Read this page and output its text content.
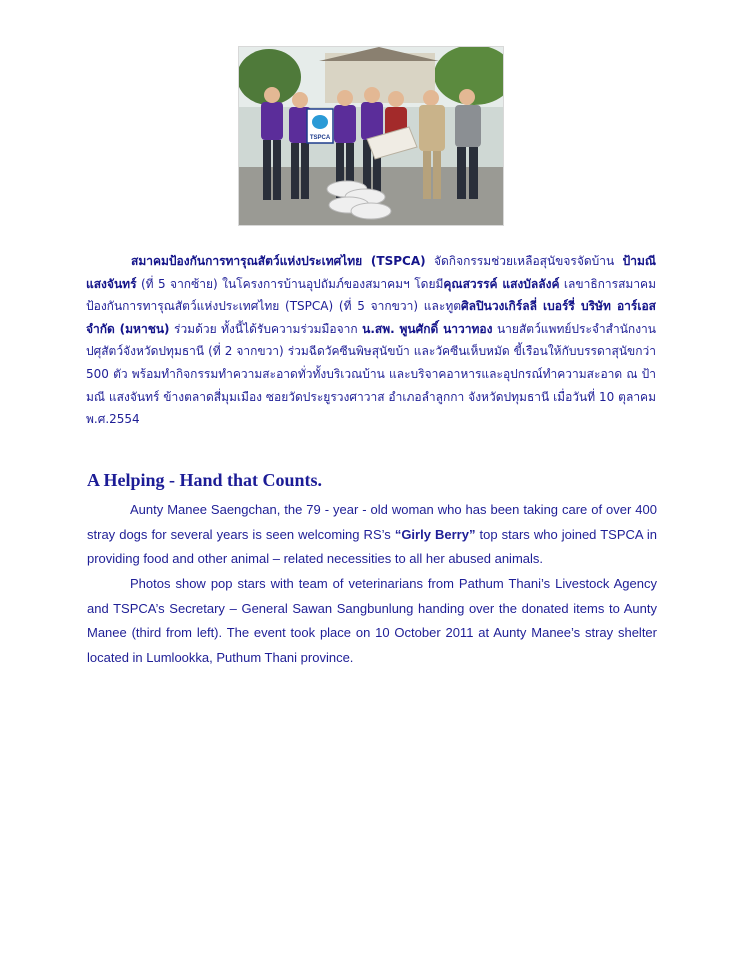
TSPCA
สมาคมป้องกันการทารุณสัตว์แห่งประเทศไทย (TSPCA) จัดกิจกรรมช่วยเหลือสุนัขจรจัดบ้าน ป้ามณี แสงจันทร์ (ที่ 5 จากซ้าย) ในโครงการบ้านอุปถัมภ์ของสมาคมฯ โดยมีคุณสวรรค์ แสงบัลลังค์ เลขาธิการสมาคมป้องกันการทารุณสัตว์แห่งประเทศไทย (TSPCA) (ที่ 5 จากขวา) และทูตศิลปินวงเกิร์ลลี่ เบอร์รี่ บริษัท อาร์เอส จำกัด (มหาชน) ร่วมด้วย ทั้งนี้ได้รับความร่วมมือจาก น.สพ. พูนศักดิ์ นาวาทอง นายสัตว์แพทย์ประจำสำนักงานปศุสัตว์จังหวัดปทุมธานี (ที่ 2 จากขวา) ร่วมฉีดวัคซีนพิษสุนัขบ้า และวัคซีนเห็บหมัด ขี้เรือนให้กับบรรดาสุนัขกว่า 500 ตัว พร้อมทำกิจกรรมทำความสะอาดทั่วทั้งบริเวณบ้าน และบริจาคอาหารและอุปกรณ์ทำความสะอาด ณ ป้ามณี แสงจันทร์ ข้างตลาดสี่มุมเมือง ซอยวัดประยูรวงศาวาส อำเภอลำลูกกา จังหวัดปทุมธานี เมื่อวันที่ 10 ตุลาคม พ.ศ.2554
A Helping - Hand that Counts.

Aunty Manee Saengchan, the 79 - year - old woman who has been taking care of over 400 stray dogs for several years is seen welcoming RS’s “Girly Berry” top stars who joined TSPCA in providing food and other animal – related necessities to all her abused animals.

Photos show pop stars with team of veterinarians from Pathum Thani’s Livestock Agency and TSPCA’s Secretary – General Sawan Sangbunlung handing over the donated items to Aunty Manee (third from left). The event took place on 10 October 2011 at Aunty Manee’s stray shelter located in Lumlookka, Puthum Thani province.
